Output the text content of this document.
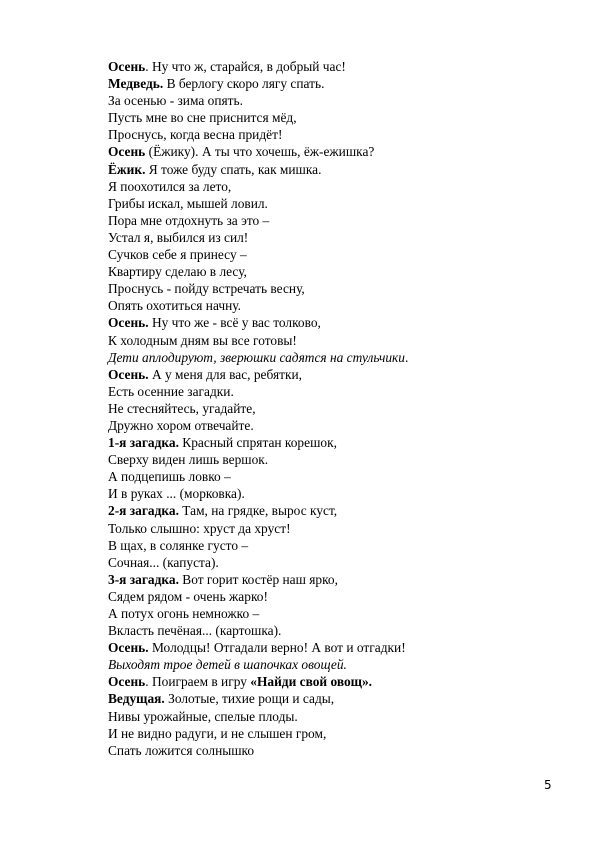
Осень. Ну что ж, старайся, в добрый час!
Медведь. В берлогу скоро лягу спать.
За осенью - зима опять.
Пусть мне во сне приснится мёд,
Проснусь, когда весна придёт!
Осень (Ёжику). А ты что хочешь, ёж-ежишка?
Ёжик. Я тоже буду спать, как мишка.
Я поохотился за лето,
Грибы искал, мышей ловил.
Пора мне отдохнуть за это –
Устал я, выбился из сил!
Сучков себе я принесу –
Квартиру сделаю в лесу,
Проснусь - пойду встречать весну,
Опять охотиться начну.
Осень. Ну что же - всё у вас толково,
К холодным дням вы все готовы!
Дети аплодируют, зверюшки садятся на стульчики.
Осень. А у меня для вас, ребятки,
Есть осенние загадки.
Не стесняйтесь, угадайте,
Дружно хором отвечайте.
1-я загадка. Красный спрятан корешок,
Сверху виден лишь вершок.
А подцепишь ловко –
И в руках ... (морковка).
2-я загадка. Там, на грядке, вырос куст,
Только слышно: хруст да хруст!
В щах, в солянке густо –
Сочная... (капуста).
3-я загадка. Вот горит костёр наш ярко,
Сядем рядом - очень жарко!
А потух огонь немножко –
Вкласть печёная... (картошка).
Осень. Молодцы! Отгадали верно! А вот и отгадки!
Выходят трое детей в шапочках овощей.
Осень. Поиграем в игру «Найди свой овощ».
Ведущая. Золотые, тихие рощи и сады,
Нивы урожайные, спелые плоды.
И не видно радуги, и не слышен гром,
Спать ложится солнышко
5
